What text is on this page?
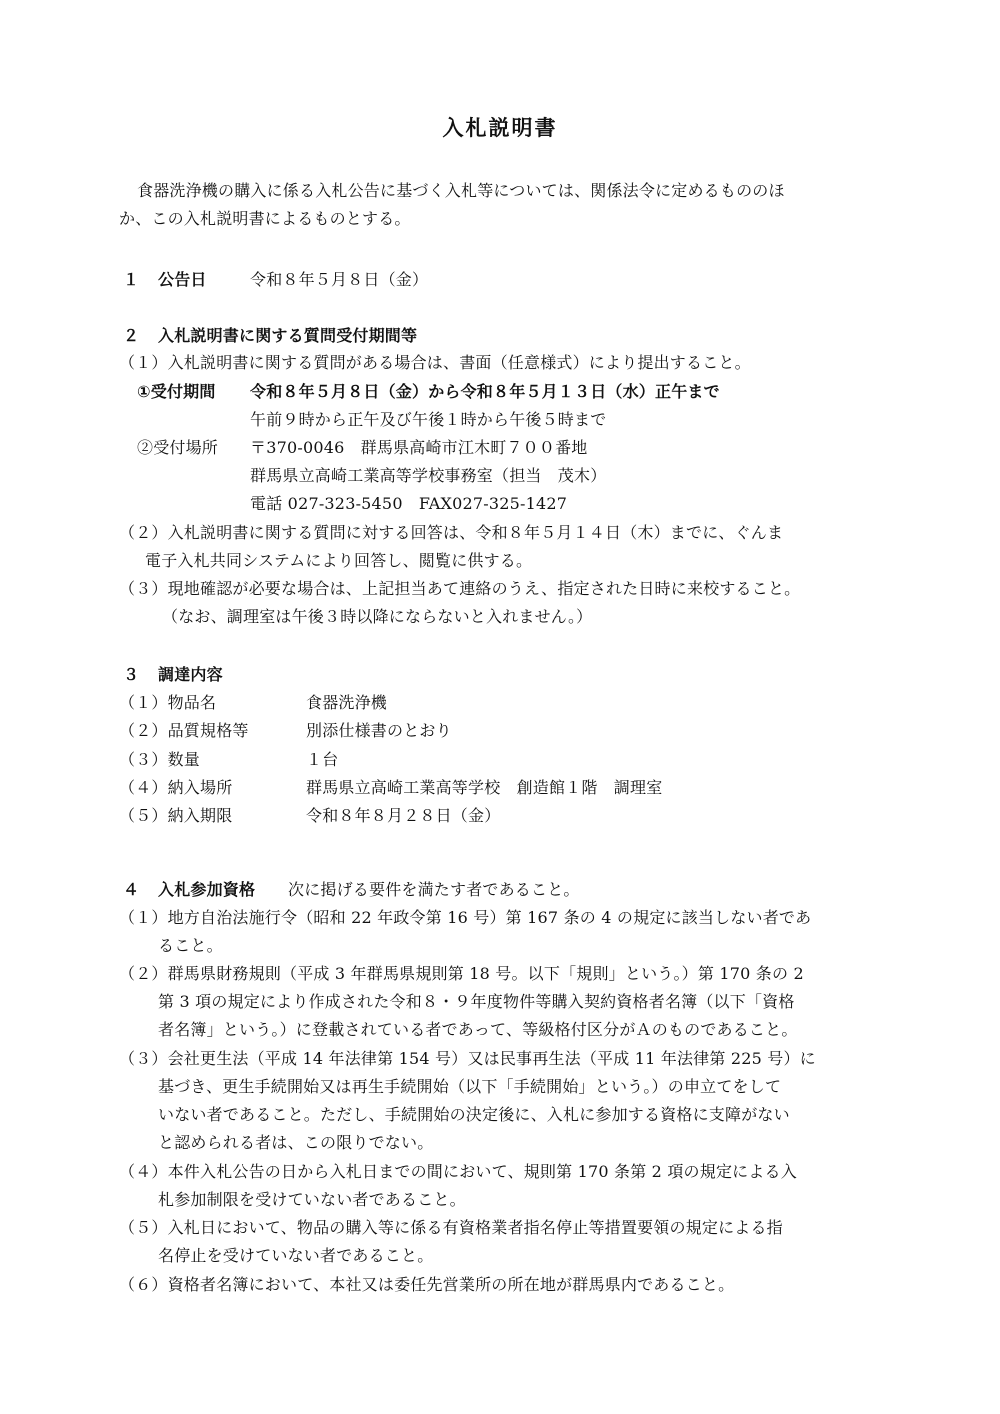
入札説明書
食器洗浄機の購入に係る入札公告に基づく入札等については、関係法令に定めるもののほ
か、この入札説明書によるものとする。
１ 公告日	令和８年５月８日（金）
２ 入札説明書に関する質問受付期間等
（１）入札説明書に関する質問がある場合は、書面（任意様式）により提出すること。
①受付期間 令和８年５月８日（金）から令和８年５月１３日（水）正午まで
午前９時から正午及び午後１時から午後５時まで
②受付場所 〒370-0046　群馬県高崎市江木町７００番地
群馬県立高崎工業高等学校事務室（担当　茂木）
電話 027-323-5450　FAX027-325-1427
（２）入札説明書に関する質問に対する回答は、令和８年５月１４日（木）までに、ぐんま
電子入札共同システムにより回答し、閲覧に供する。
（３）現地確認が必要な場合は、上記担当あて連絡のうえ、指定された日時に来校すること。
（なお、調理室は午後３時以降にならないと入れません。）
３ 調達内容
（１）物品名	食器洗浄機
（２）品質規格等	別添仕様書のとおり
（３）数量	１台
（４）納入場所	群馬県立高崎工業高等学校　創造館１階　調理室
（５）納入期限	令和８年８月２８日（金）
４ 入札参加資格 次に掲げる要件を満たす者であること。
（１）地方自治法施行令（昭和 22 年政令第 16 号）第 167 条の 4 の規定に該当しない者であ
ること。
（２）群馬県財務規則（平成 3 年群馬県規則第 18 号。以下「規則」という。）第 170 条の 2
第 3 項の規定により作成された令和８・９年度物件等購入契約資格者名簿（以下「資格
者名簿」という。）に登載されている者であって、等級格付区分がＡのものであること。
（３）会社更生法（平成 14 年法律第 154 号）又は民事再生法（平成 11 年法律第 225 号）に
基づき、更生手続開始又は再生手続開始（以下「手続開始」という。）の申立てをして
いない者であること。ただし、手続開始の決定後に、入札に参加する資格に支障がない
と認められる者は、この限りでない。
（４）本件入札公告の日から入札日までの間において、規則第 170 条第 2 項の規定による入
札参加制限を受けていない者であること。
（５）入札日において、物品の購入等に係る有資格業者指名停止等措置要領の規定による指
名停止を受けていない者であること。
（６）資格者名簿において、本社又は委任先営業所の所在地が群馬県内であること。
